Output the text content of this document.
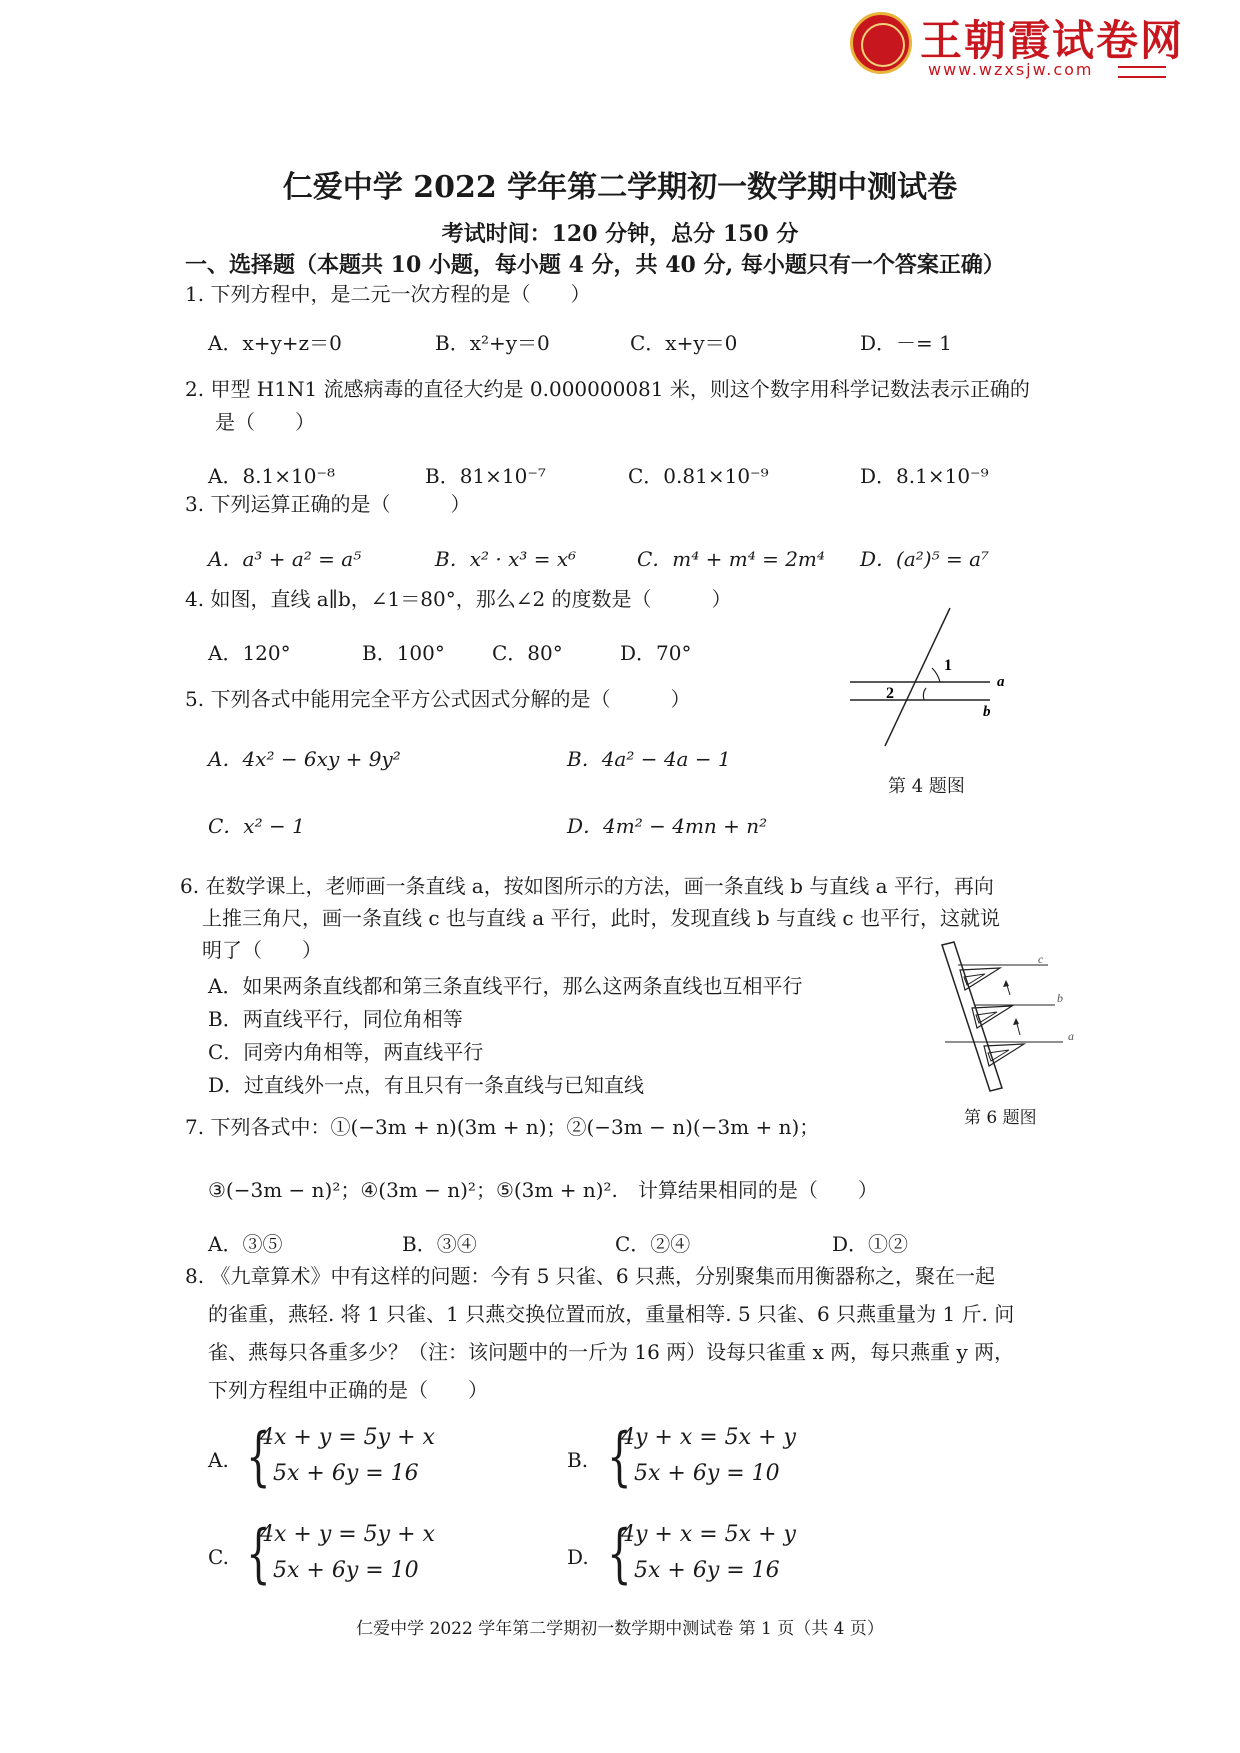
王朝霞试卷网
www.wzxsjw.com
仁爱中学 2022 学年第二学期初一数学期中测试卷
考试时间：120 分钟，总分 150 分
一、选择题（本题共 10 小题，每小题 4 分，共 40 分, 每小题只有一个答案正确）
1. 下列方程中，是二元一次方程的是（　　）
A．x+y+z＝0	B．x²+y＝0	C．x+y＝0	D．－= 1
2. 甲型 H1N1 流感病毒的直径大约是 0.000000081 米，则这个数字用科学记数法表示正确的
是（　　）
A．8.1×10⁻⁸	B．81×10⁻⁷	C．0.81×10⁻⁹	D．8.1×10⁻⁹
3. 下列运算正确的是（　　　）
A．a³ + a² = a⁵	B．x² · x³ = x⁶	C．m⁴ + m⁴ = 2m⁴ D．(a²)⁵ = a⁷
4. 如图，直线 a∥b，∠1＝80°，那么∠2 的度数是（　　　）
A．120°	B．100° C．80°	D．70°
1
a
2
b
第 4 题图
5. 下列各式中能用完全平方公式因式分解的是（　　　）
A．4x² − 6xy + 9y²	B．4a² − 4a − 1
C．x² − 1	D．4m² − 4mn + n²
6. 在数学课上，老师画一条直线 a，按如图所示的方法，画一条直线 b 与直线 a 平行，再向
上推三角尺，画一条直线 c 也与直线 a 平行，此时，发现直线 b 与直线 c 也平行，这就说
明了（　　）
A．如果两条直线都和第三条直线平行，那么这两条直线也互相平行
B．两直线平行，同位角相等
C．同旁内角相等，两直线平行
D．过直线外一点，有且只有一条直线与已知直线
c
b
a
第 6 题图
7. 下列各式中：①(−3m + n)(3m + n)；②(−3m − n)(−3m + n)；
③(−3m − n)²；④(3m − n)²；⑤(3m + n)².　计算结果相同的是（　　）
A．③⑤	B．③④	C．②④	D．①②
8. 《九章算术》中有这样的问题：今有 5 只雀、6 只燕，分别聚集而用衡器称之，聚在一起
的雀重，燕轻. 将 1 只雀、1 只燕交换位置而放，重量相等. 5 只雀、6 只燕重量为 1 斤. 问
雀、燕每只各重多少？（注：该问题中的一斤为 16 两）设每只雀重 x 两，每只燕重 y 两，
下列方程组中正确的是（　　）
A. {
4x + y = 5y + x
5x + 6y = 16
B. {
4y + x = 5x + y
5x + 6y = 10
C. {
4x + y = 5y + x
5x + 6y = 10
D. {
4y + x = 5x + y
5x + 6y = 16
仁爱中学 2022 学年第二学期初一数学期中测试卷 第 1 页（共 4 页）
